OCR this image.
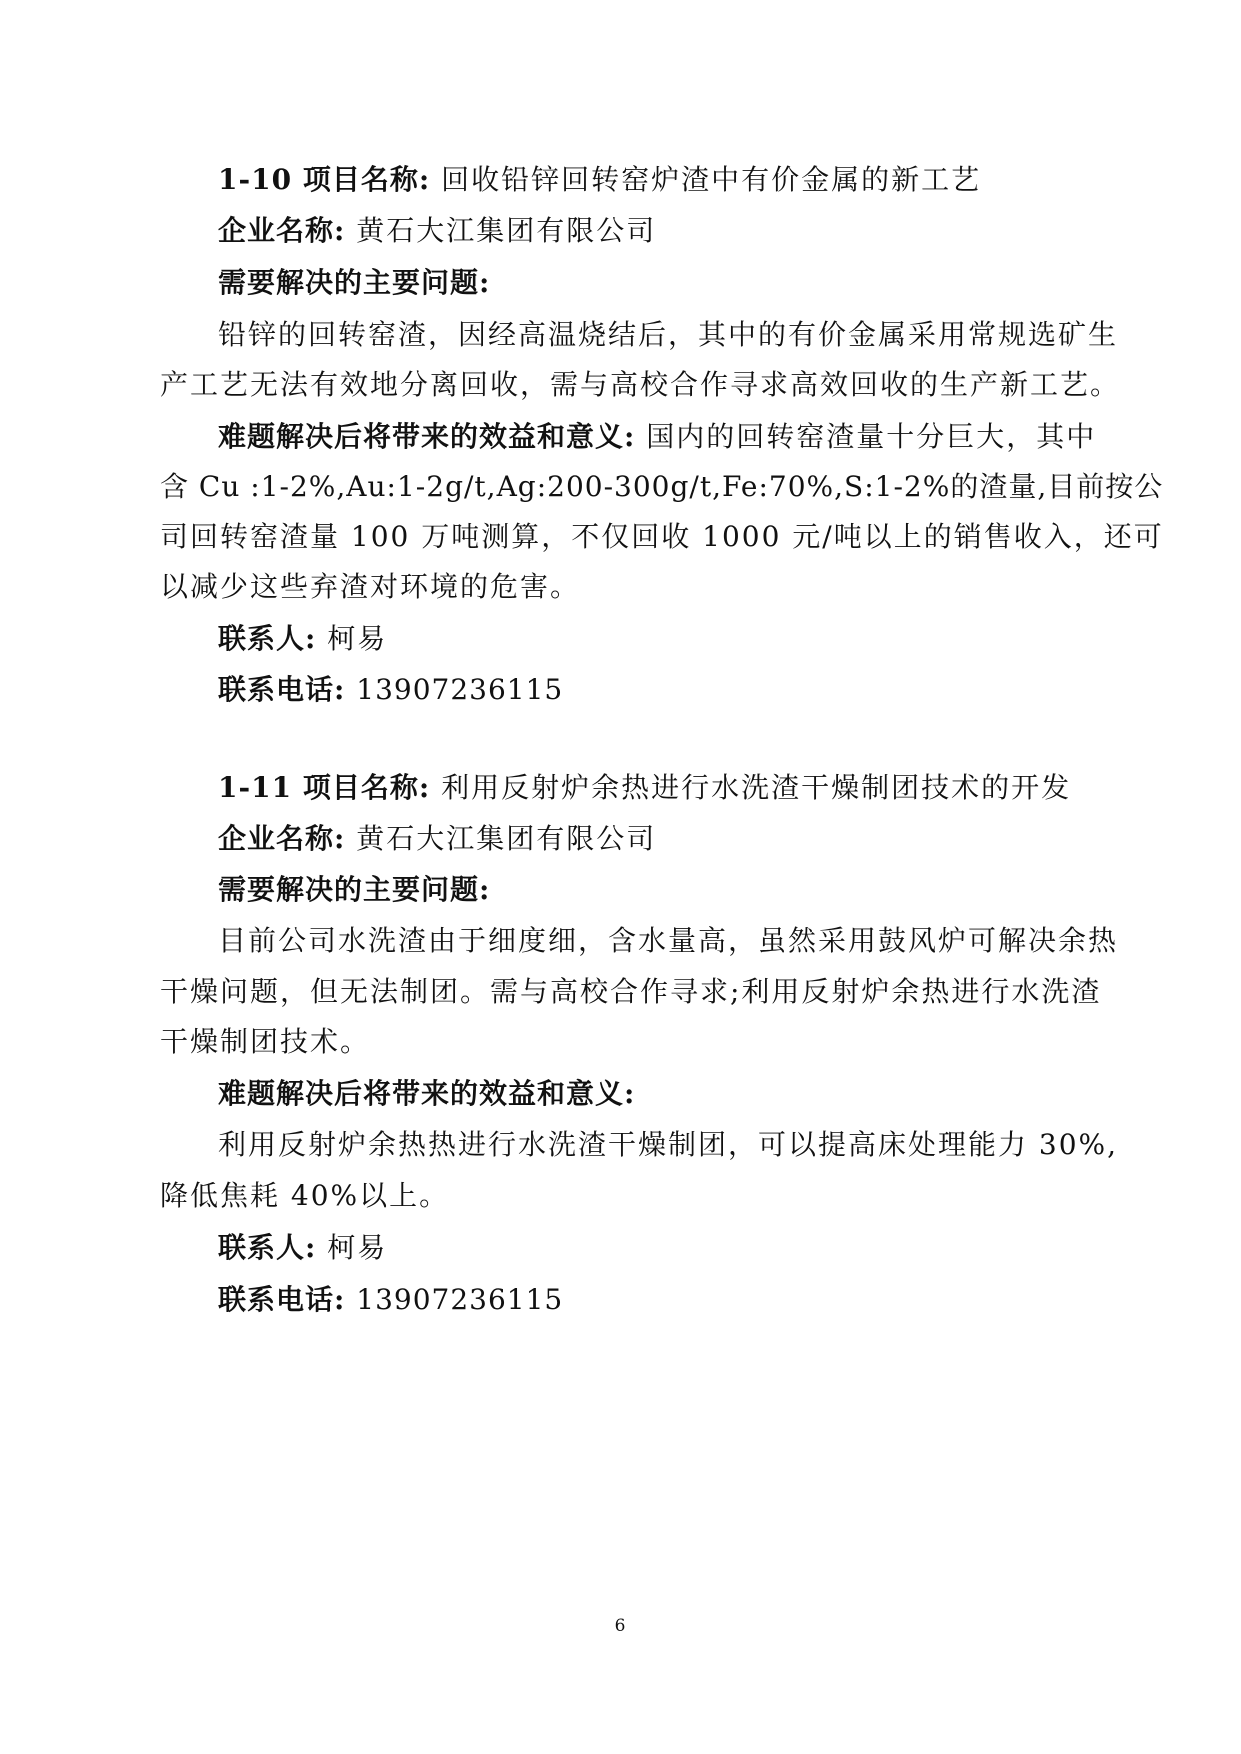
1-10 项目名称: 回收铅锌回转窑炉渣中有价金属的新工艺
企业名称: 黄石大江集团有限公司
需要解决的主要问题:
铅锌的回转窑渣，因经高温烧结后，其中的有价金属采用常规选矿生
产工艺无法有效地分离回收，需与高校合作寻求高效回收的生产新工艺。
难题解决后将带来的效益和意义: 国内的回转窑渣量十分巨大，其中
含 Cu :1-2%,Au:1-2g/t,Ag:200-300g/t,Fe:70%,S:1-2%的渣量,目前按公
司回转窑渣量 100 万吨测算，不仅回收 1000 元/吨以上的销售收入，还可
以减少这些弃渣对环境的危害。
联系人: 柯易
联系电话: 13907236115
1-11 项目名称: 利用反射炉余热进行水洗渣干燥制团技术的开发
企业名称: 黄石大江集团有限公司
需要解决的主要问题:
目前公司水洗渣由于细度细，含水量高，虽然采用鼓风炉可解决余热
干燥问题，但无法制团。需与高校合作寻求;利用反射炉余热进行水洗渣
干燥制团技术。
难题解决后将带来的效益和意义:
利用反射炉余热热进行水洗渣干燥制团，可以提高床处理能力 30%,
降低焦耗 40%以上。
联系人: 柯易
联系电话: 13907236115
6
